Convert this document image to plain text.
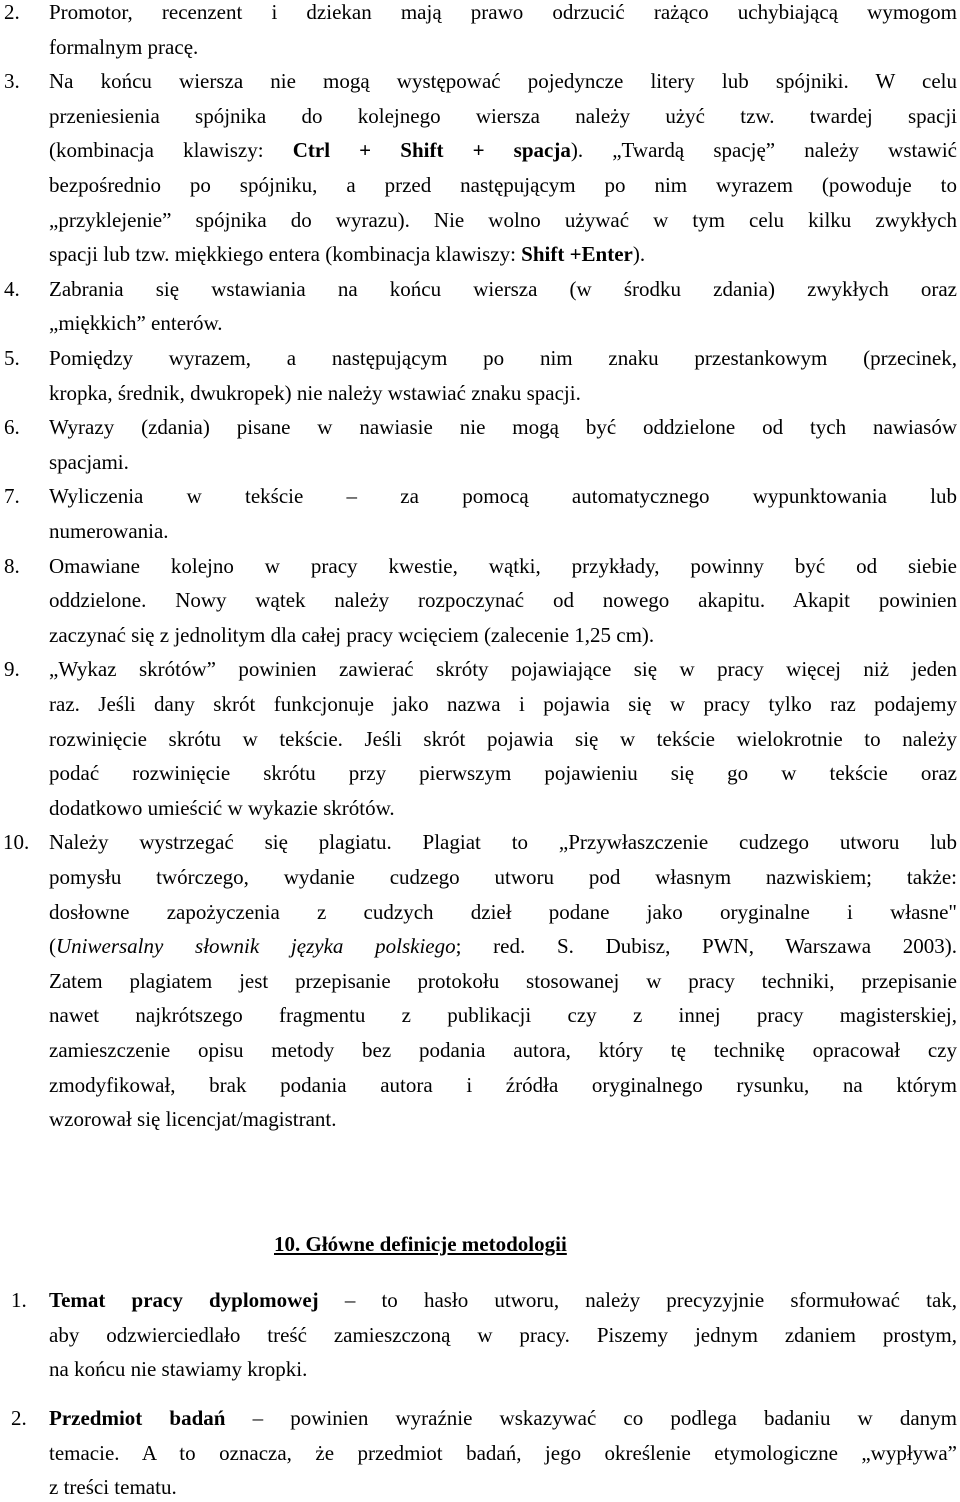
2. Promotor, recenzent i dziekan mają prawo odrzucić rażąco uchybiającą wymogom
formalnym pracę.
3. Na końcu wiersza nie mogą występować pojedyncze litery lub spójniki. W celu
przeniesienia spójnika do kolejnego wiersza należy użyć tzw. twardej spacji
(kombinacja klawiszy: Ctrl + Shift + spacja). „Twardą spację” należy wstawić
bezpośrednio po spójniku, a przed następującym po nim wyrazem (powoduje to
„przyklejenie” spójnika do wyrazu). Nie wolno używać w tym celu kilku zwykłych
spacji lub tzw. miękkiego entera (kombinacja klawiszy: Shift +Enter).
4. Zabrania się wstawiania na końcu wiersza (w środku zdania) zwykłych oraz
„miękkich” enterów.
5. Pomiędzy wyrazem, a następującym po nim znaku przestankowym (przecinek,
kropka, średnik, dwukropek) nie należy wstawiać znaku spacji.
6. Wyrazy (zdania) pisane w nawiasie nie mogą być oddzielone od tych nawiasów
spacjami.
7. Wyliczenia w tekście – za pomocą automatycznego wypunktowania lub
numerowania.
8. Omawiane kolejno w pracy kwestie, wątki, przykłady, powinny być od siebie
oddzielone. Nowy wątek należy rozpoczynać od nowego akapitu. Akapit powinien
zaczynać się z jednolitym dla całej pracy wcięciem (zalecenie 1,25 cm).
9. „Wykaz skrótów” powinien zawierać skróty pojawiające się w pracy więcej niż jeden
raz. Jeśli dany skrót funkcjonuje jako nazwa i pojawia się w pracy tylko raz podajemy
rozwinięcie skrótu w tekście. Jeśli skrót pojawia się w tekście wielokrotnie to należy
podać rozwinięcie skrótu przy pierwszym pojawieniu się go w tekście oraz
dodatkowo umieścić w wykazie skrótów.
10. Należy wystrzegać się plagiatu. Plagiat to „Przywłaszczenie cudzego utworu lub
pomysłu twórczego, wydanie cudzego utworu pod własnym nazwiskiem; także:
dosłowne zapożyczenia z cudzych dzieł podane jako oryginalne i własne"
(Uniwersalny słownik języka polskiego; red. S. Dubisz, PWN, Warszawa 2003).
Zatem plagiatem jest przepisanie protokołu stosowanej w pracy techniki, przepisanie
nawet najkrótszego fragmentu z publikacji czy z innej pracy magisterskiej,
zamieszczenie opisu metody bez podania autora, który tę technikę opracował czy
zmodyfikował, brak podania autora i źródła oryginalnego rysunku, na którym
wzorował się licencjat/magistrant.
1. Temat pracy dyplomowej – to hasło utworu, należy precyzyjnie sformułować tak,
aby odzwierciedlało treść zamieszczoną w pracy. Piszemy jednym zdaniem prostym,
na końcu nie stawiamy kropki.
2. Przedmiot badań – powinien wyraźnie wskazywać co podlega badaniu w danym
temacie. A to oznacza, że przedmiot badań, jego określenie etymologiczne „wypływa”
z treści tematu.
10. Główne definicje metodologii
